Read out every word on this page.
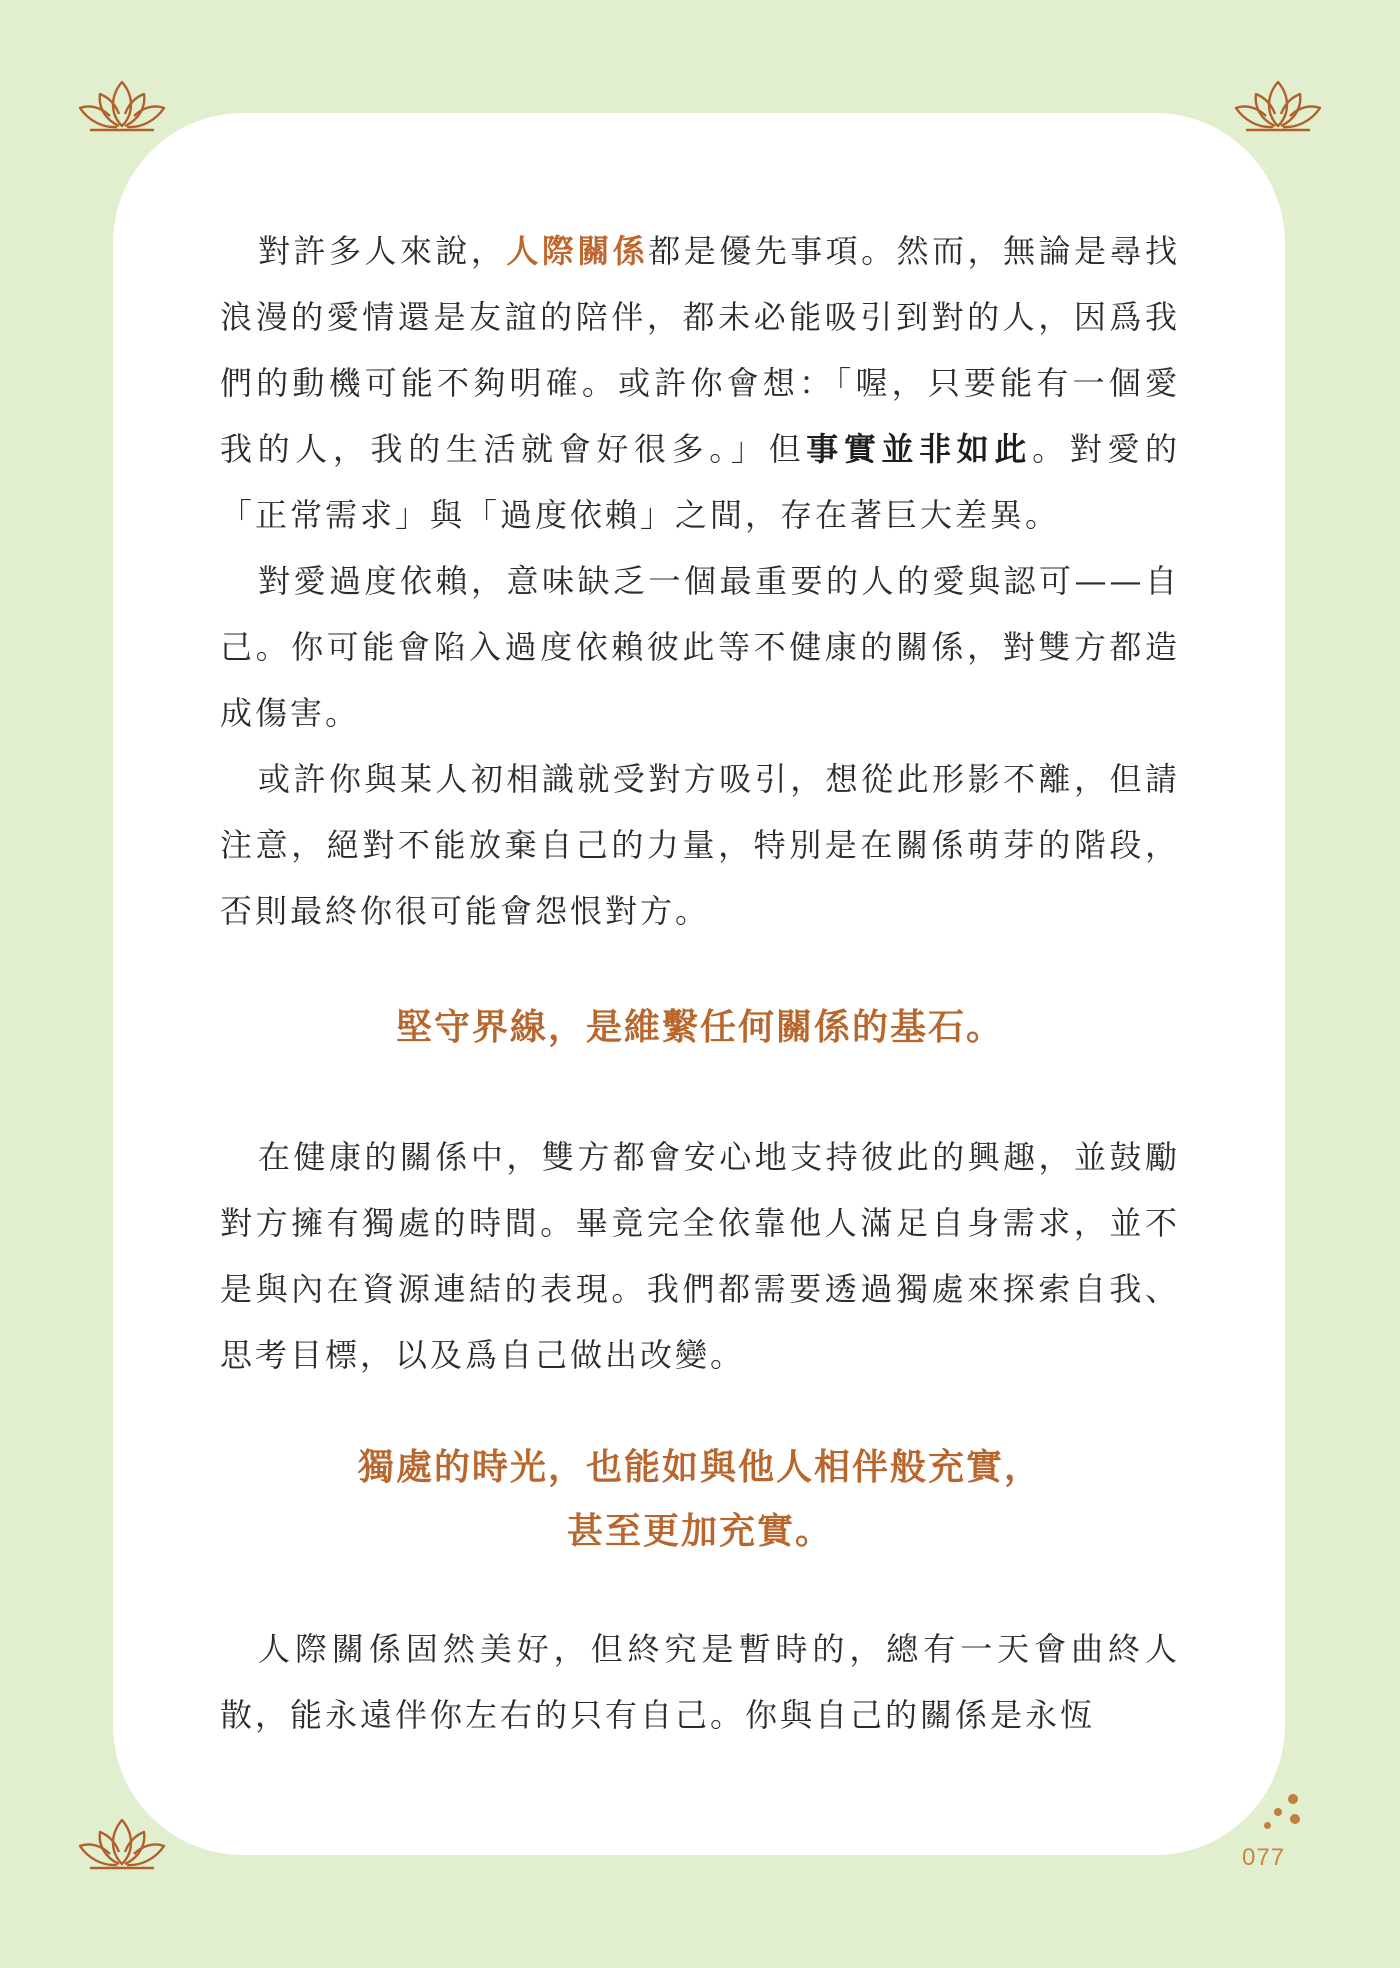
對許多人來說，人際關係都是優先事項。然而，無論是尋找浪漫的愛情還是友誼的陪伴，都未必能吸引到對的人，因爲我們的動機可能不夠明確。或許你會想：「喔，只要能有一個愛我的人，我的生活就會好很多。」但事實並非如此。對愛的「正常需求」與「過度依賴」之間，存在著巨大差異。

對愛過度依賴，意味缺乏一個最重要的人的愛與認可——自己。你可能會陷入過度依賴彼此等不健康的關係，對雙方都造成傷害。

或許你與某人初相識就受對方吸引，想從此形影不離，但請注意，絕對不能放棄自己的力量，特別是在關係萌芽的階段，否則最終你很可能會怨恨對方。

堅守界線，是維繫任何關係的基石。

在健康的關係中，雙方都會安心地支持彼此的興趣，並鼓勵對方擁有獨處的時間。畢竟完全依靠他人滿足自身需求，並不是與內在資源連結的表現。我們都需要透過獨處來探索自我、思考目標，以及爲自己做出改變。

獨處的時光，也能如與他人相伴般充實，

甚至更加充實。

人際關係固然美好，但終究是暫時的，總有一天會曲終人散，能永遠伴你左右的只有自己。你與自己的關係是永恆

077
